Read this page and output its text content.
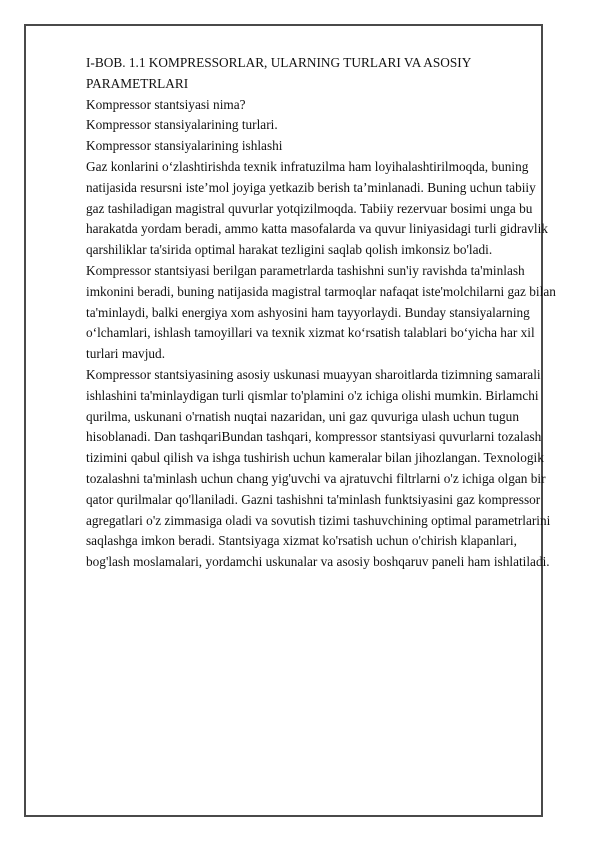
I-BOB. 1.1 KOMPRESSORLAR, ULARNING TURLARI VA ASOSIY

PARAMETRLARI

Kompressor stantsiyasi nima?

Kompressor stansiyalarining turlari.

Kompressor stansiyalarining ishlashi

Gaz konlarini o‘zlashtirishda texnik infratuzilma ham loyihalashtirilmoqda, buning natijasida resursni iste’mol joyiga yetkazib berish ta’minlanadi. Buning uchun tabiiy gaz tashiladigan magistral quvurlar yotqizilmoqda. Tabiiy rezervuar bosimi unga bu harakatda yordam beradi, ammo katta masofalarda va quvur liniyasidagi turli gidravlik qarshiliklar ta'sirida optimal harakat tezligini saqlab qolish imkonsiz bo'ladi. Kompressor stantsiyasi berilgan parametrlarda tashishni sun'iy ravishda ta'minlash imkonini beradi, buning natijasida magistral tarmoqlar nafaqat iste'molchilarni gaz bilan ta'minlaydi, balki energiya xom ashyosini ham tayyorlaydi. Bunday stansiyalarning o‘lchamlari, ishlash tamoyillari va texnik xizmat ko‘rsatish talablari bo‘yicha har xil turlari mavjud.

Kompressor stantsiyasining asosiy uskunasi muayyan sharoitlarda tizimning samarali ishlashini ta'minlaydigan turli qismlar to'plamini o'z ichiga olishi mumkin. Birlamchi qurilma, uskunani o'rnatish nuqtai nazaridan, uni gaz quvuriga ulash uchun tugun hisoblanadi. Dan tashqariBundan tashqari, kompressor stantsiyasi quvurlarni tozalash tizimini qabul qilish va ishga tushirish uchun kameralar bilan jihozlangan. Texnologik tozalashni ta'minlash uchun chang yig'uvchi va ajratuvchi filtrlarni o'z ichiga olgan bir qator qurilmalar qo'llaniladi. Gazni tashishni ta'minlash funktsiyasini gaz kompressor agregatlari o'z zimmasiga oladi va sovutish tizimi tashuvchining optimal parametrlarini saqlashga imkon beradi. Stantsiyaga xizmat ko'rsatish uchun o'chirish klapanlari, bog'lash moslamalari, yordamchi uskunalar va asosiy boshqaruv paneli ham ishlatiladi.
